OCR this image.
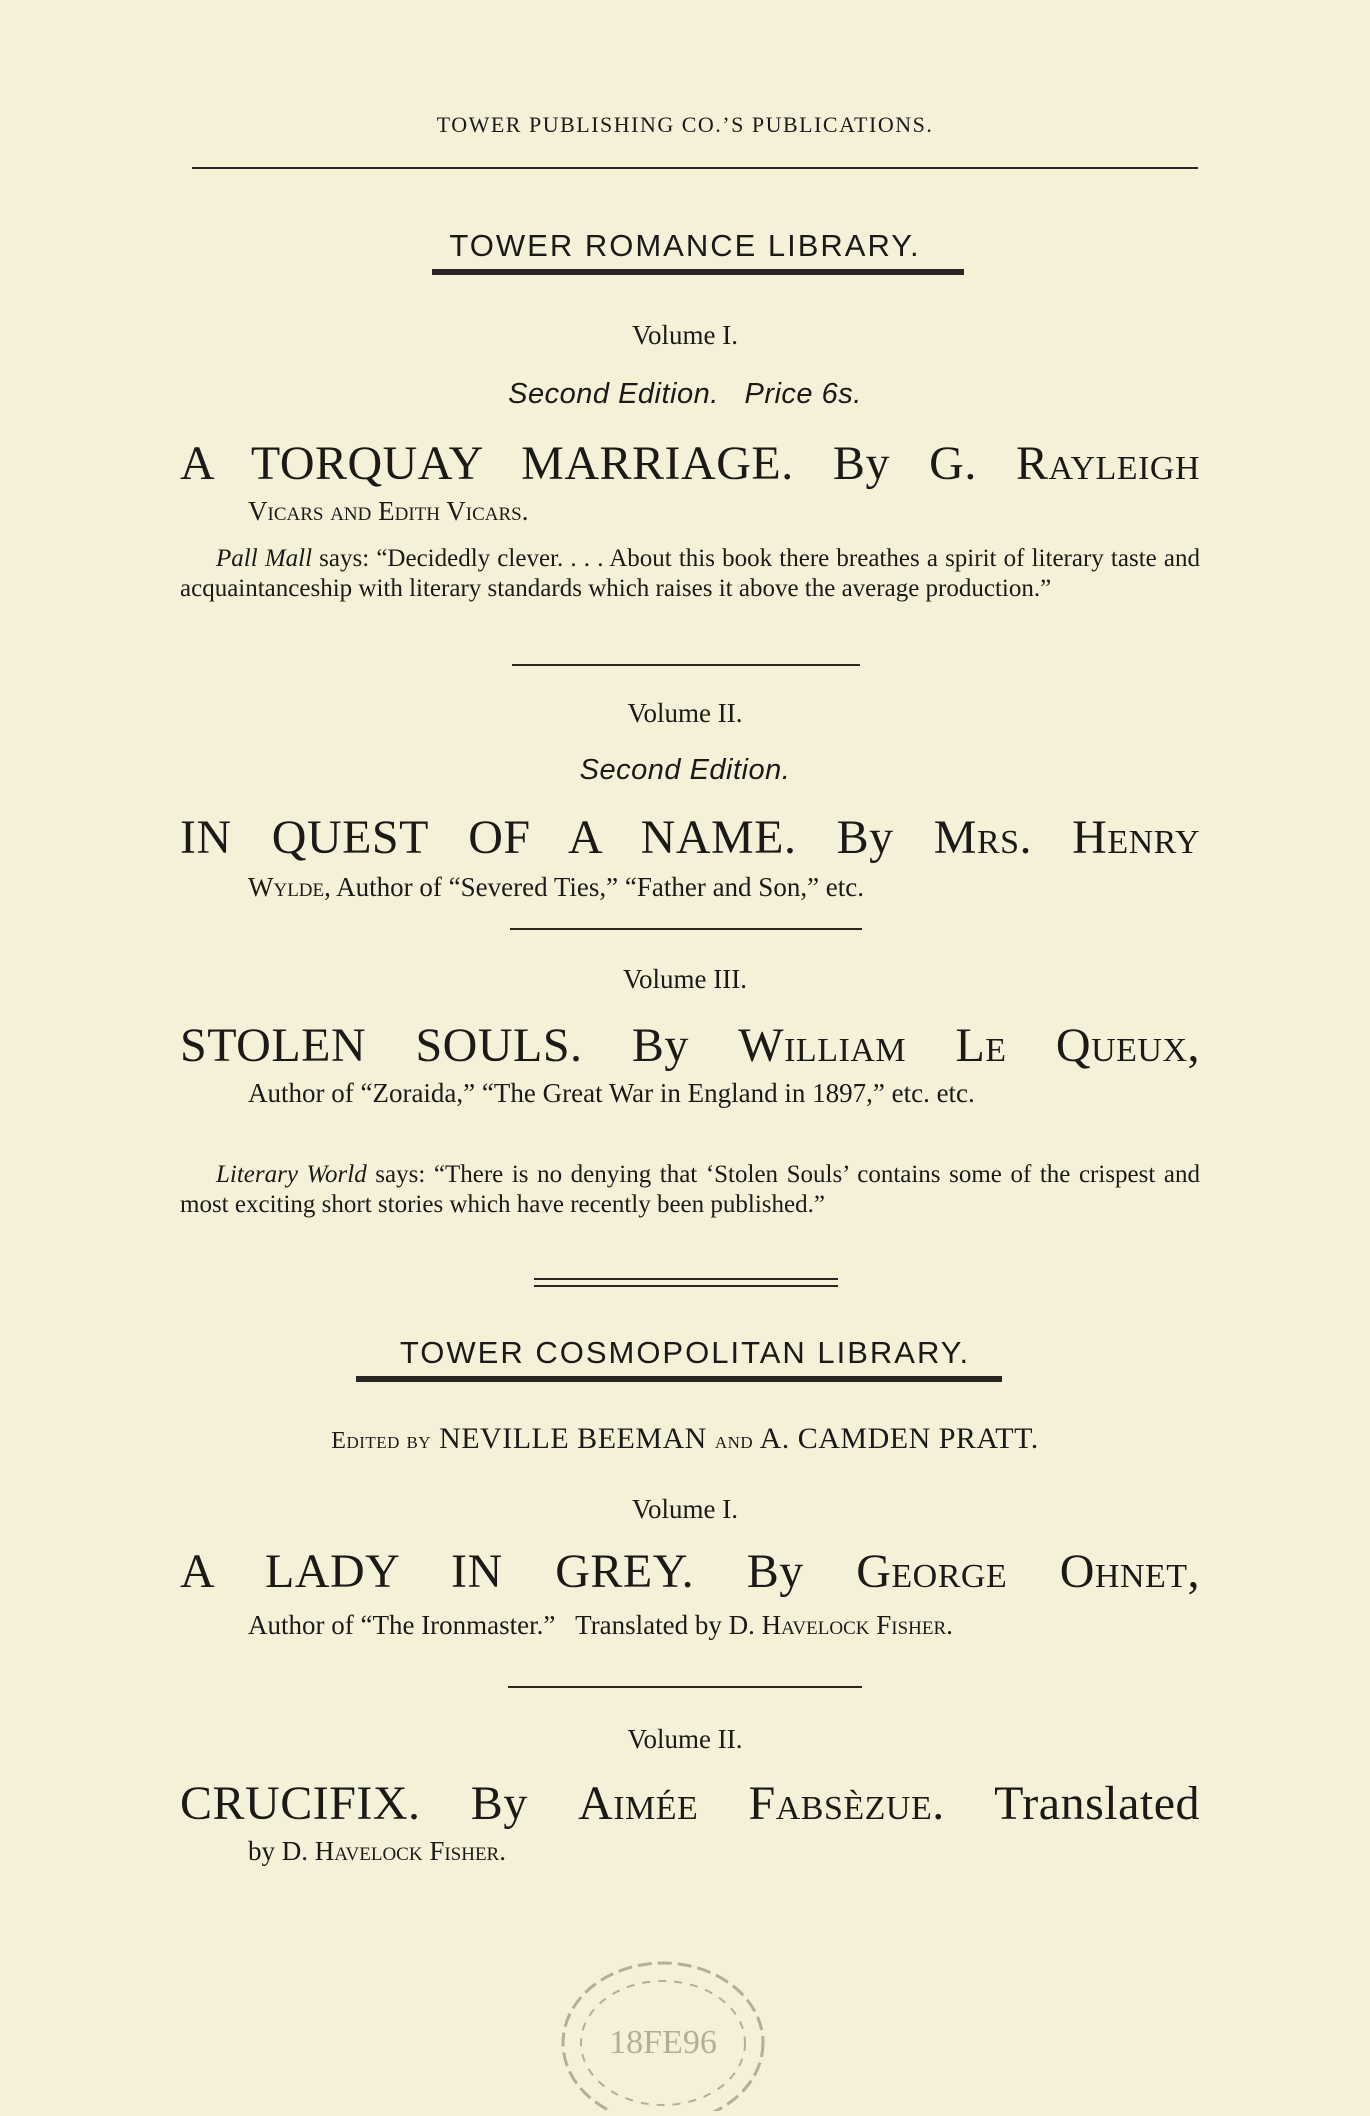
TOWER PUBLISHING CO.’S PUBLICATIONS.
TOWER ROMANCE LIBRARY.
Volume I.
Second Edition.   Price 6s.
A TORQUAY MARRIAGE. By G. Rayleigh
Vicars and Edith Vicars.
Pall Mall says: “Decidedly clever. . . . About this book there breathes a spirit of literary taste and acquaintanceship with literary standards which raises it above the average production.”
Volume II.
Second Edition.
IN QUEST OF A NAME. By Mrs. Henry
Wylde, Author of “Severed Ties,” “Father and Son,” etc.
Volume III.
STOLEN SOULS. By William Le Queux,
Author of “Zoraida,” “The Great War in England in 1897,” etc. etc.
Literary World says: “There is no denying that ‘Stolen Souls’ contains some of the crispest and most exciting short stories which have recently been published.”
TOWER COSMOPOLITAN LIBRARY.
Edited by NEVILLE BEEMAN and A. CAMDEN PRATT.
Volume I.
A LADY IN GREY. By George Ohnet,
Author of “The Ironmaster.”   Translated by D. Havelock Fisher.
Volume II.
CRUCIFIX. By Aimée Fabsèzue. Translated
by D. Havelock Fisher.
18FE96
